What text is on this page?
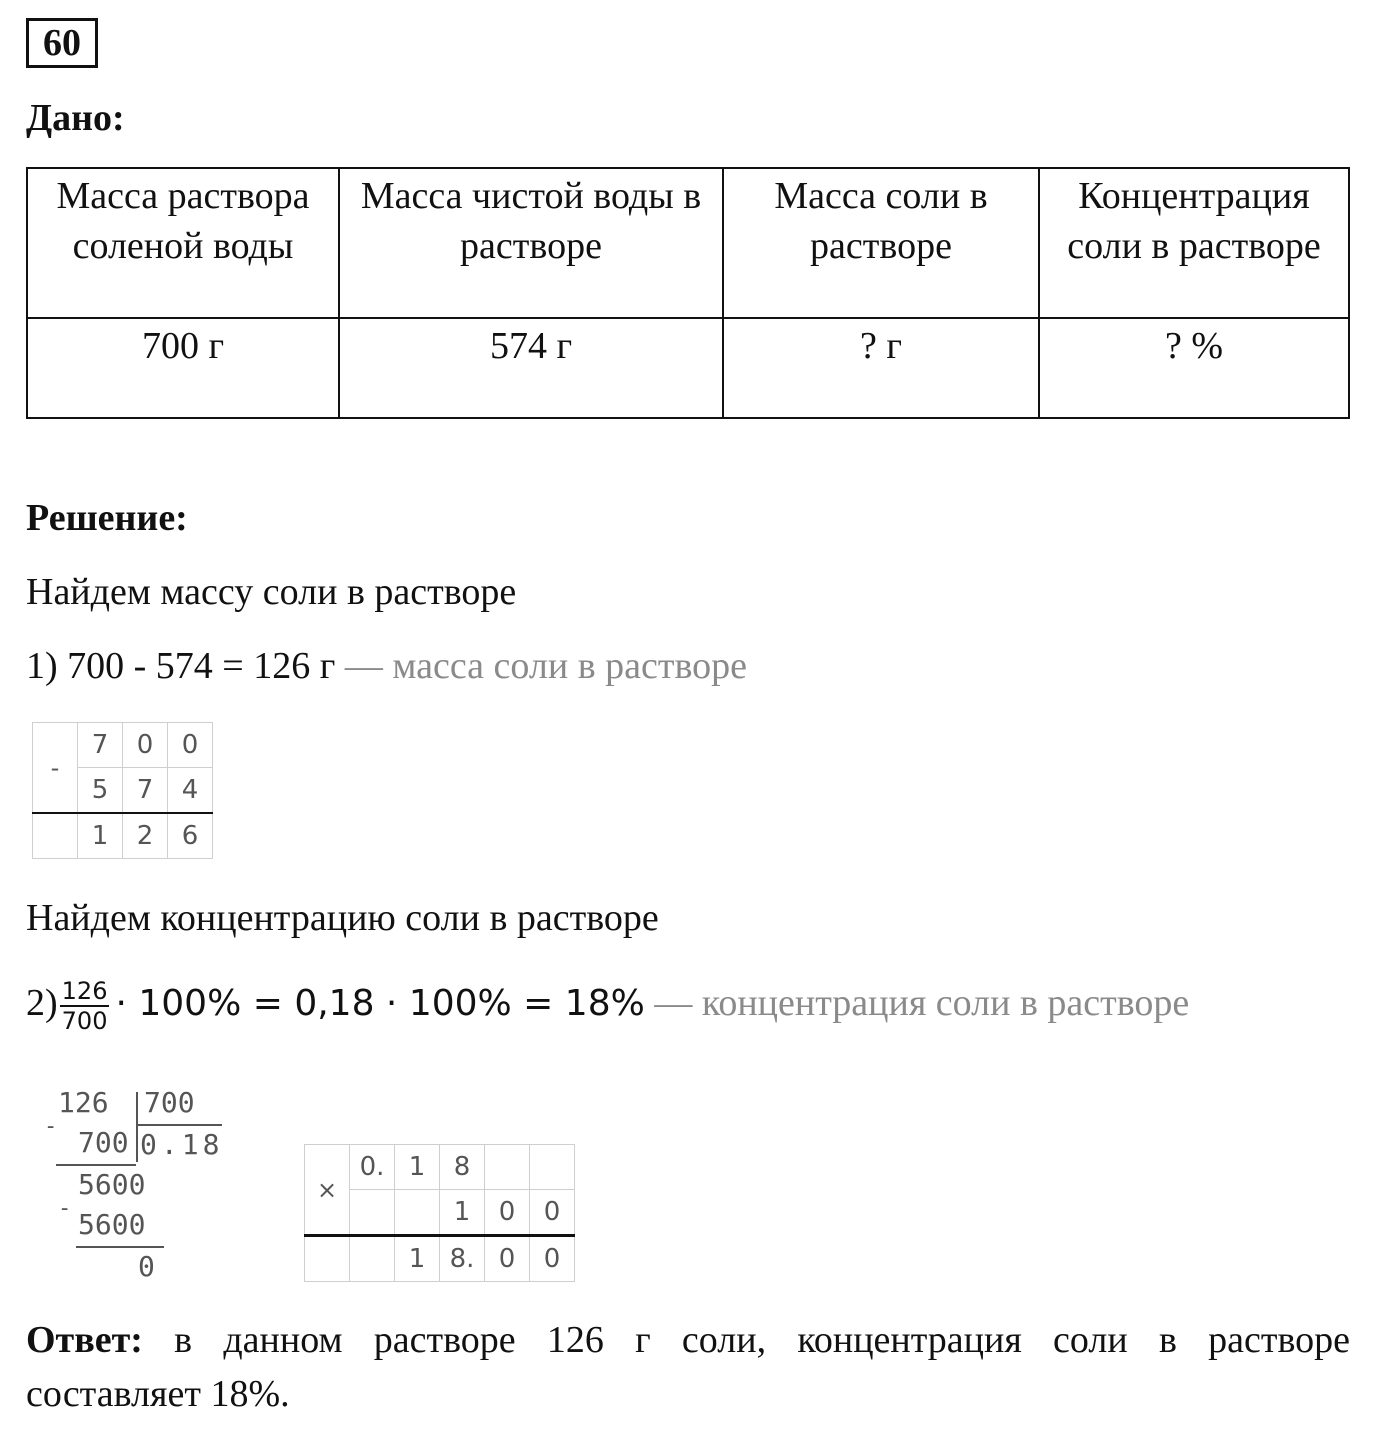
60
Дано:
Масса раствора соленой воды	Масса чистой воды в растворе	Масса соли в растворе	Концентрация соли в растворе
700 г	574 г	? г	? %
Решение:
Найдем массу соли в растворе
1) 700 - 574 = 126 г — масса соли в растворе
-	7	0	0
	5	7	4
	1	2	6
Найдем концентрацию соли в растворе
$2) \frac{126}{700} \cdot 100\% = 0,18 \cdot 100\% = 18\%$ — концентрация соли в растворе
126 700
- 700 0.18
5600
- 5600
0
×	0.	1	8		
			1	0	0
		1	8.	0	0
Ответ: в данном растворе 126 г соли, концентрация соли в растворе
составляет 18%.
